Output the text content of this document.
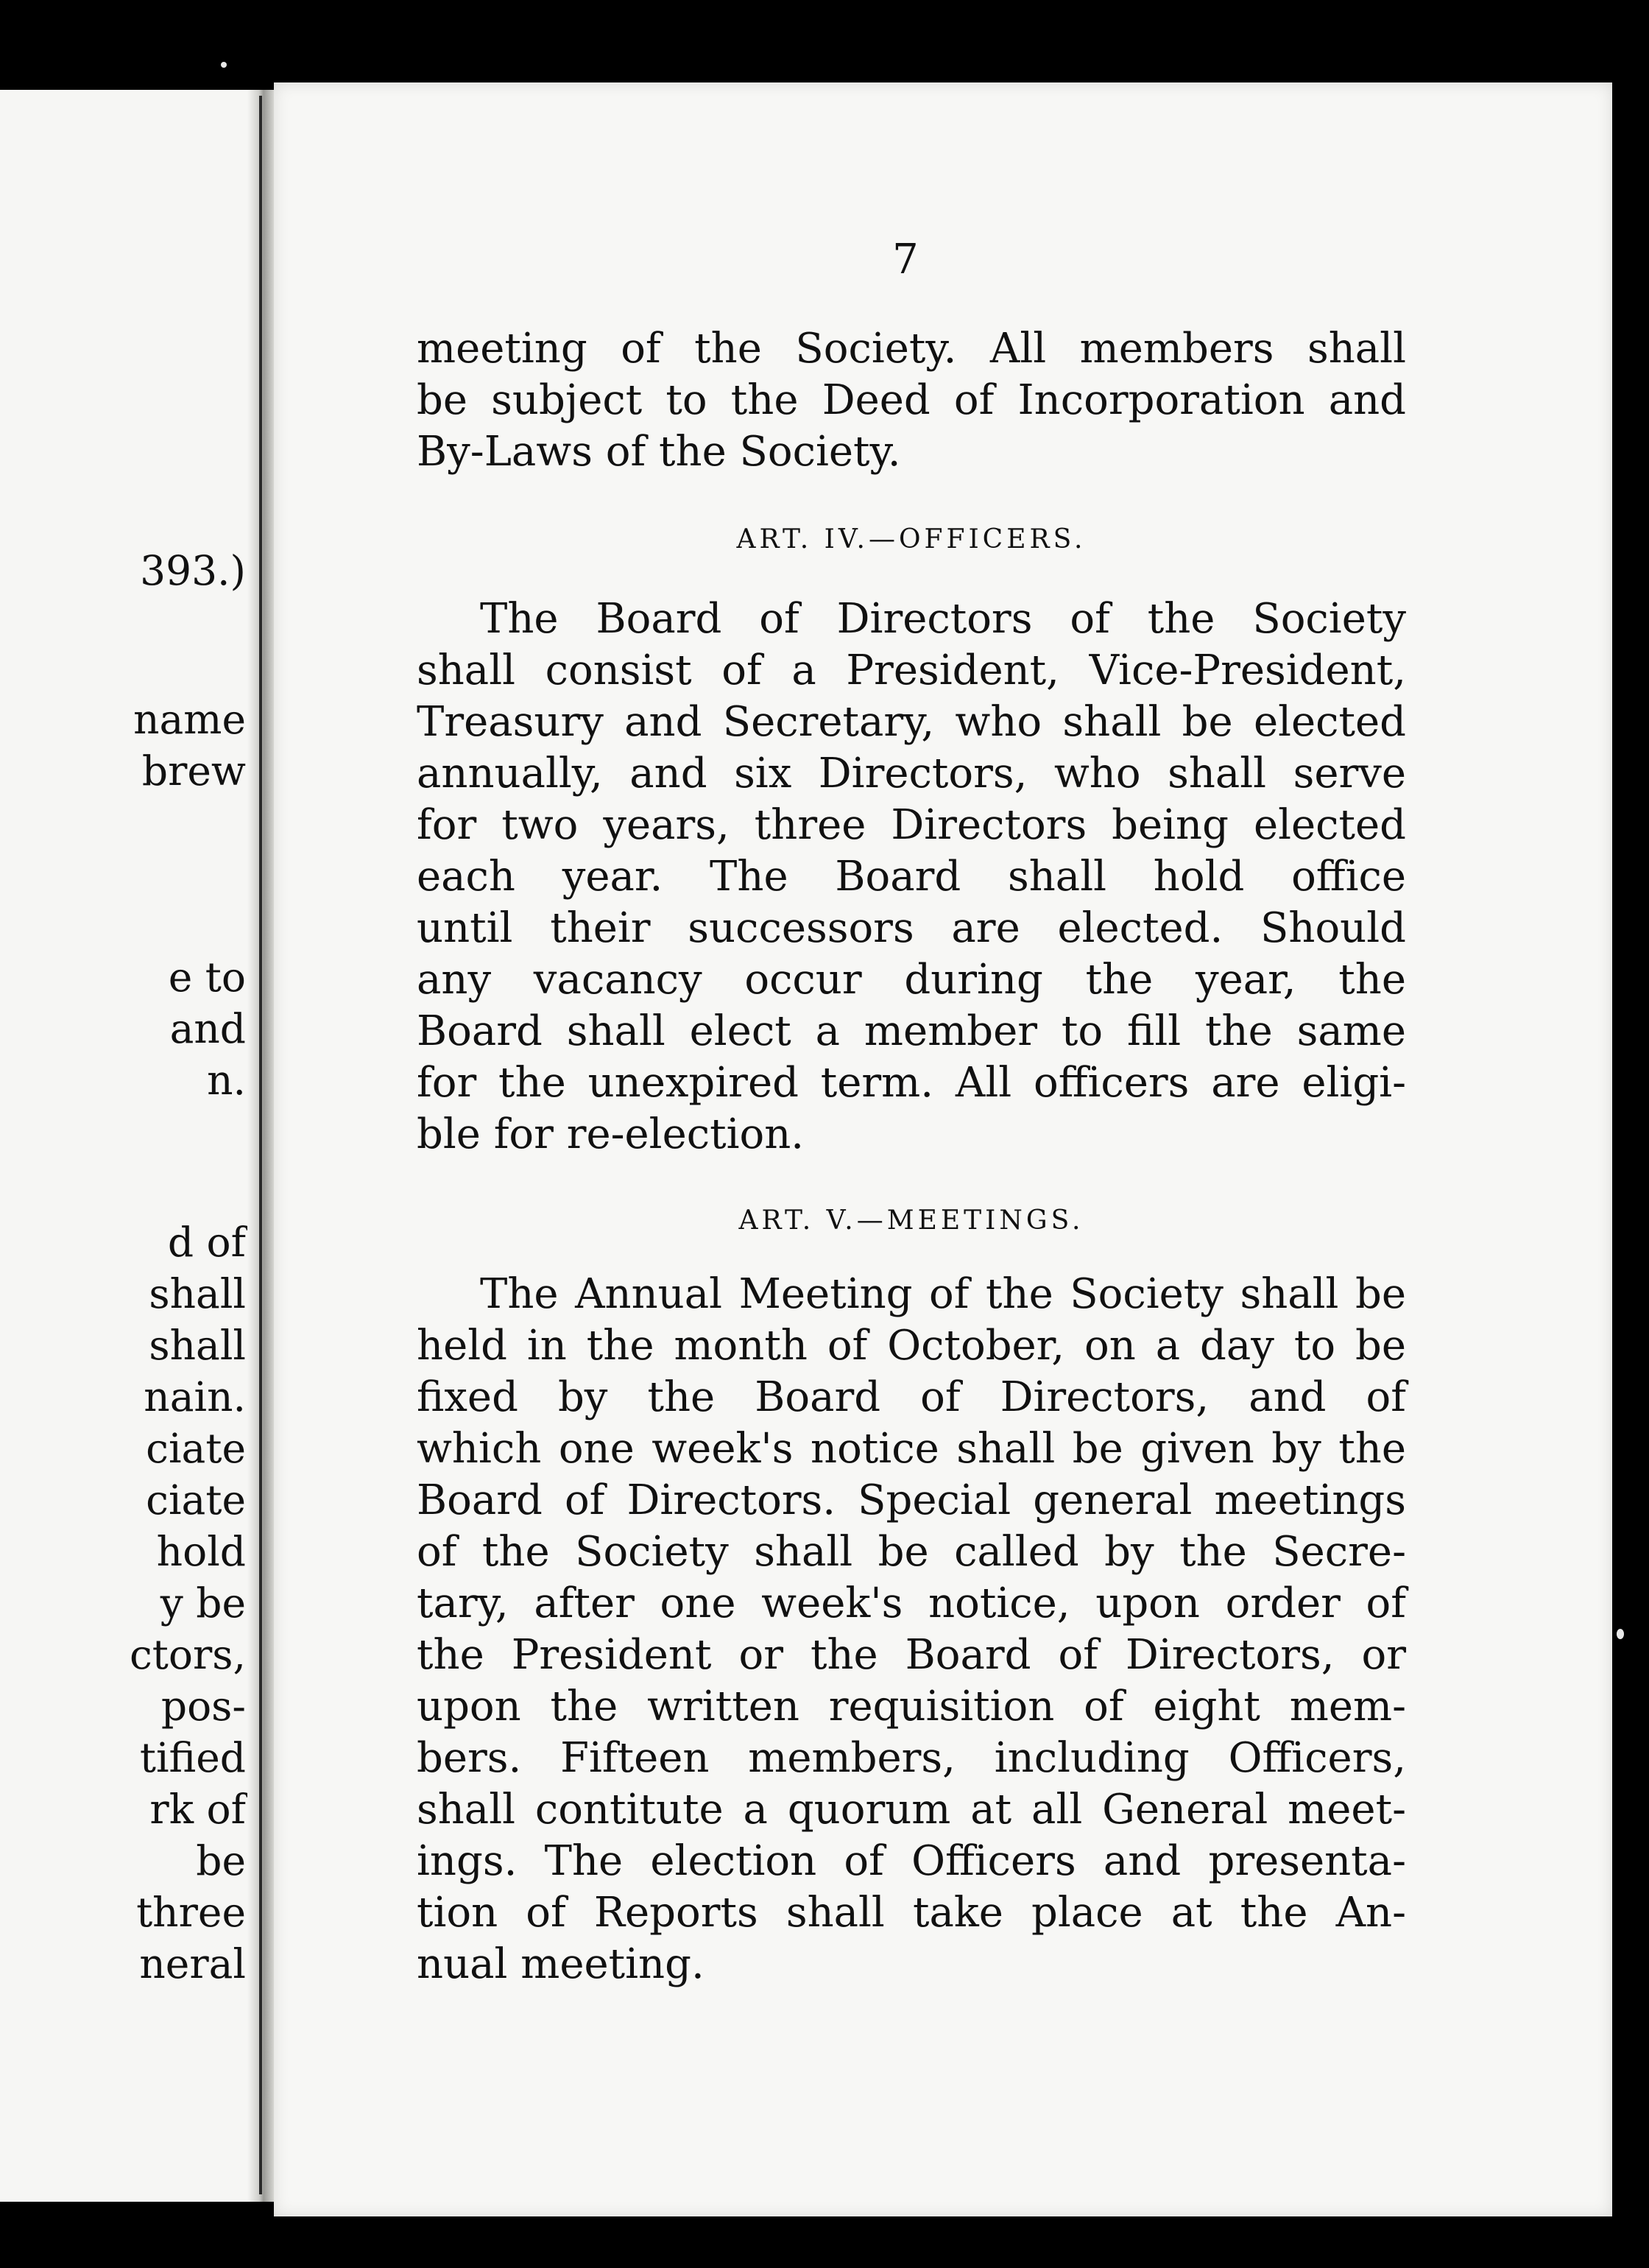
393.)
name
brew
e to
and
n.
d of
shall
shall
nain.
ciate
ciate
hold
y be
ctors,
pos-
tified
rk of
be
three
neral
7
meeting of the Society. All members shall
be subject to the Deed of Incorporation and
By-Laws of the Society.
ART. IV.—OFFICERS.
The Board of Directors of the Society
shall consist of a President, Vice-President,
Treasury and Secretary, who shall be elected
annually, and six Directors, who shall serve
for two years, three Directors being elected
each year. The Board shall hold office
until their successors are elected. Should
any vacancy occur during the year, the
Board shall elect a member to fill the same
for the unexpired term. All officers are eligi-
ble for re-election.
ART. V.—MEETINGS.
The Annual Meeting of the Society shall be
held in the month of October, on a day to be
fixed by the Board of Directors, and of
which one week's notice shall be given by the
Board of Directors. Special general meetings
of the Society shall be called by the Secre-
tary, after one week's notice, upon order of
the President or the Board of Directors, or
upon the written requisition of eight mem-
bers. Fifteen members, including Officers,
shall contitute a quorum at all General meet-
ings. The election of Officers and presenta-
tion of Reports shall take place at the An-
nual meeting.
